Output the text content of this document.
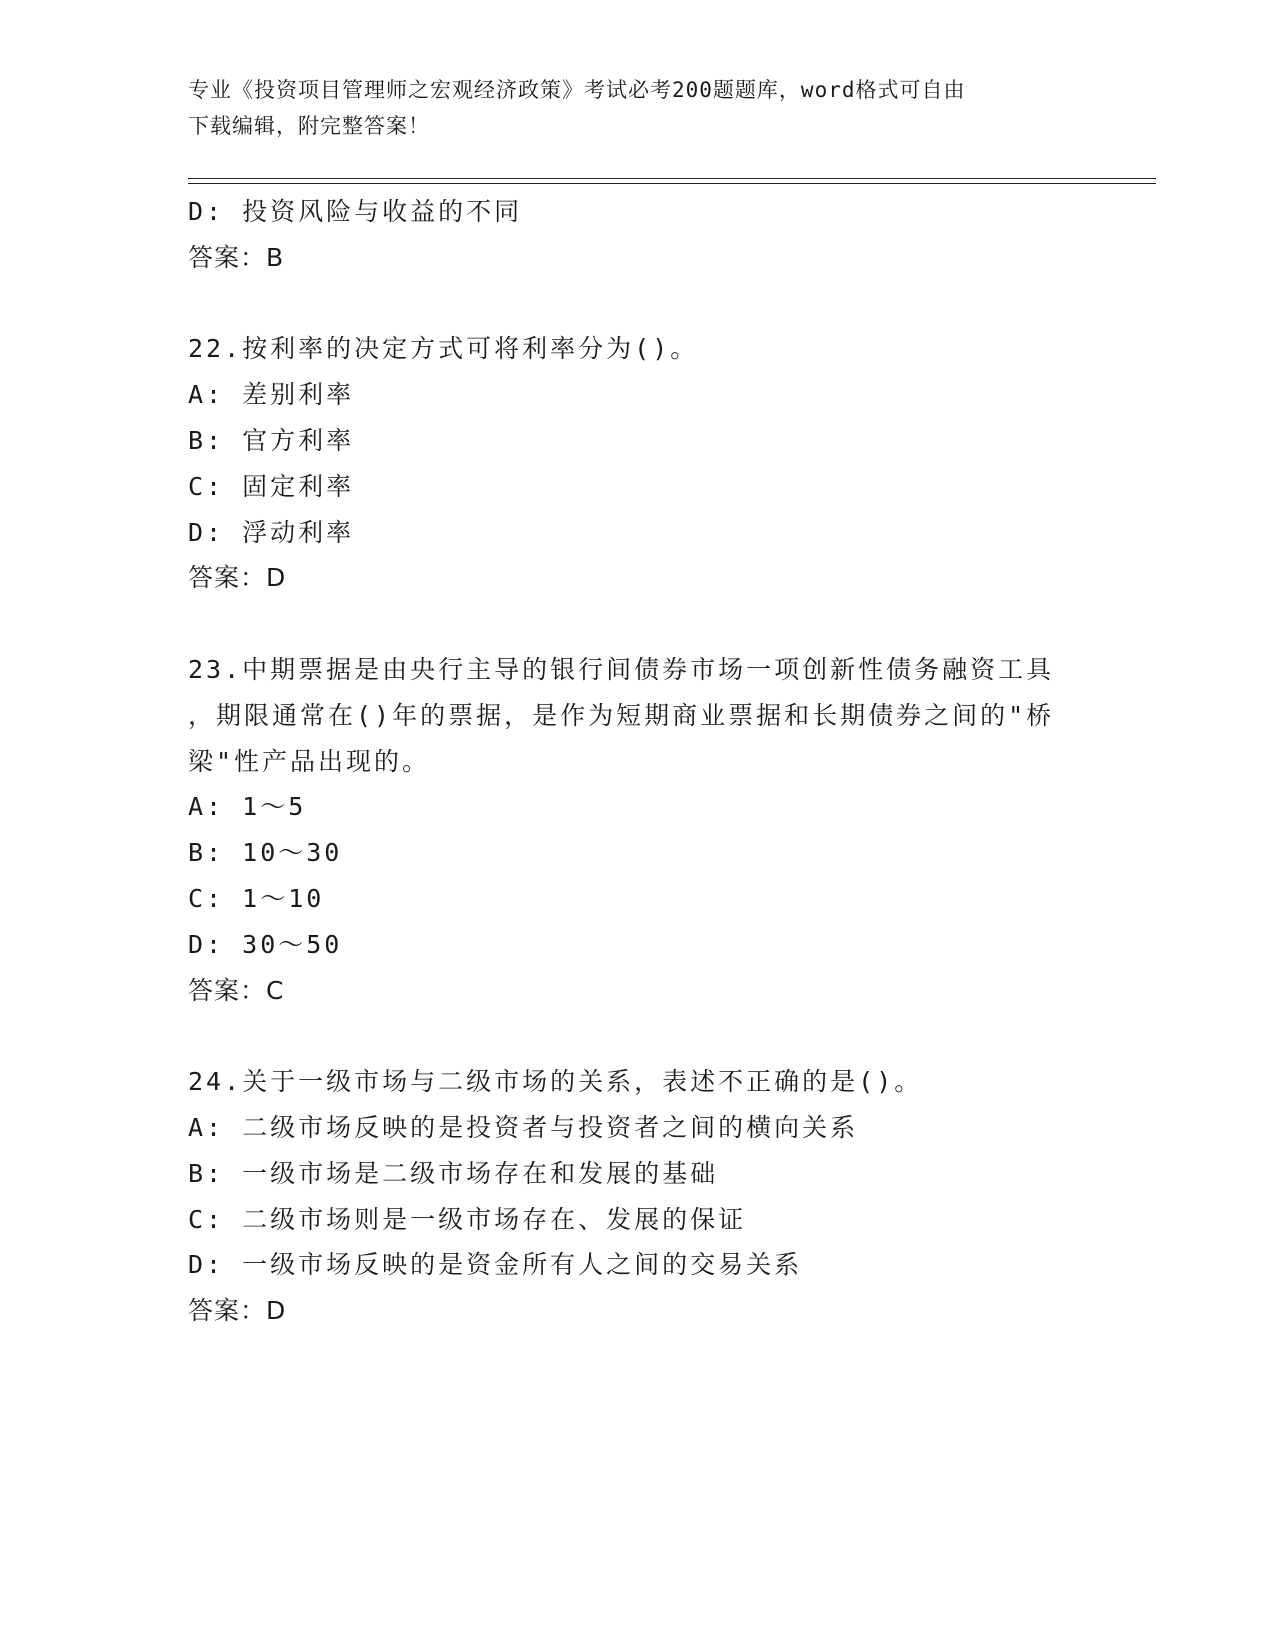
专业《投资项目管理师之宏观经济政策》考试必考200题题库，word格式可自由
下载编辑，附完整答案！
D: 投资风险与收益的不同
答案：B
22.按利率的决定方式可将利率分为()。
A: 差别利率
B: 官方利率
C: 固定利率
D: 浮动利率
答案：D
23.中期票据是由央行主导的银行间债券市场一项创新性债务融资工具
，期限通常在()年的票据，是作为短期商业票据和长期债券之间的"桥
梁"性产品出现的。
A: 1～5
B: 10～30
C: 1～10
D: 30～50
答案：C
24.关于一级市场与二级市场的关系，表述不正确的是()。
A: 二级市场反映的是投资者与投资者之间的横向关系
B: 一级市场是二级市场存在和发展的基础
C: 二级市场则是一级市场存在、发展的保证
D: 一级市场反映的是资金所有人之间的交易关系
答案：D
